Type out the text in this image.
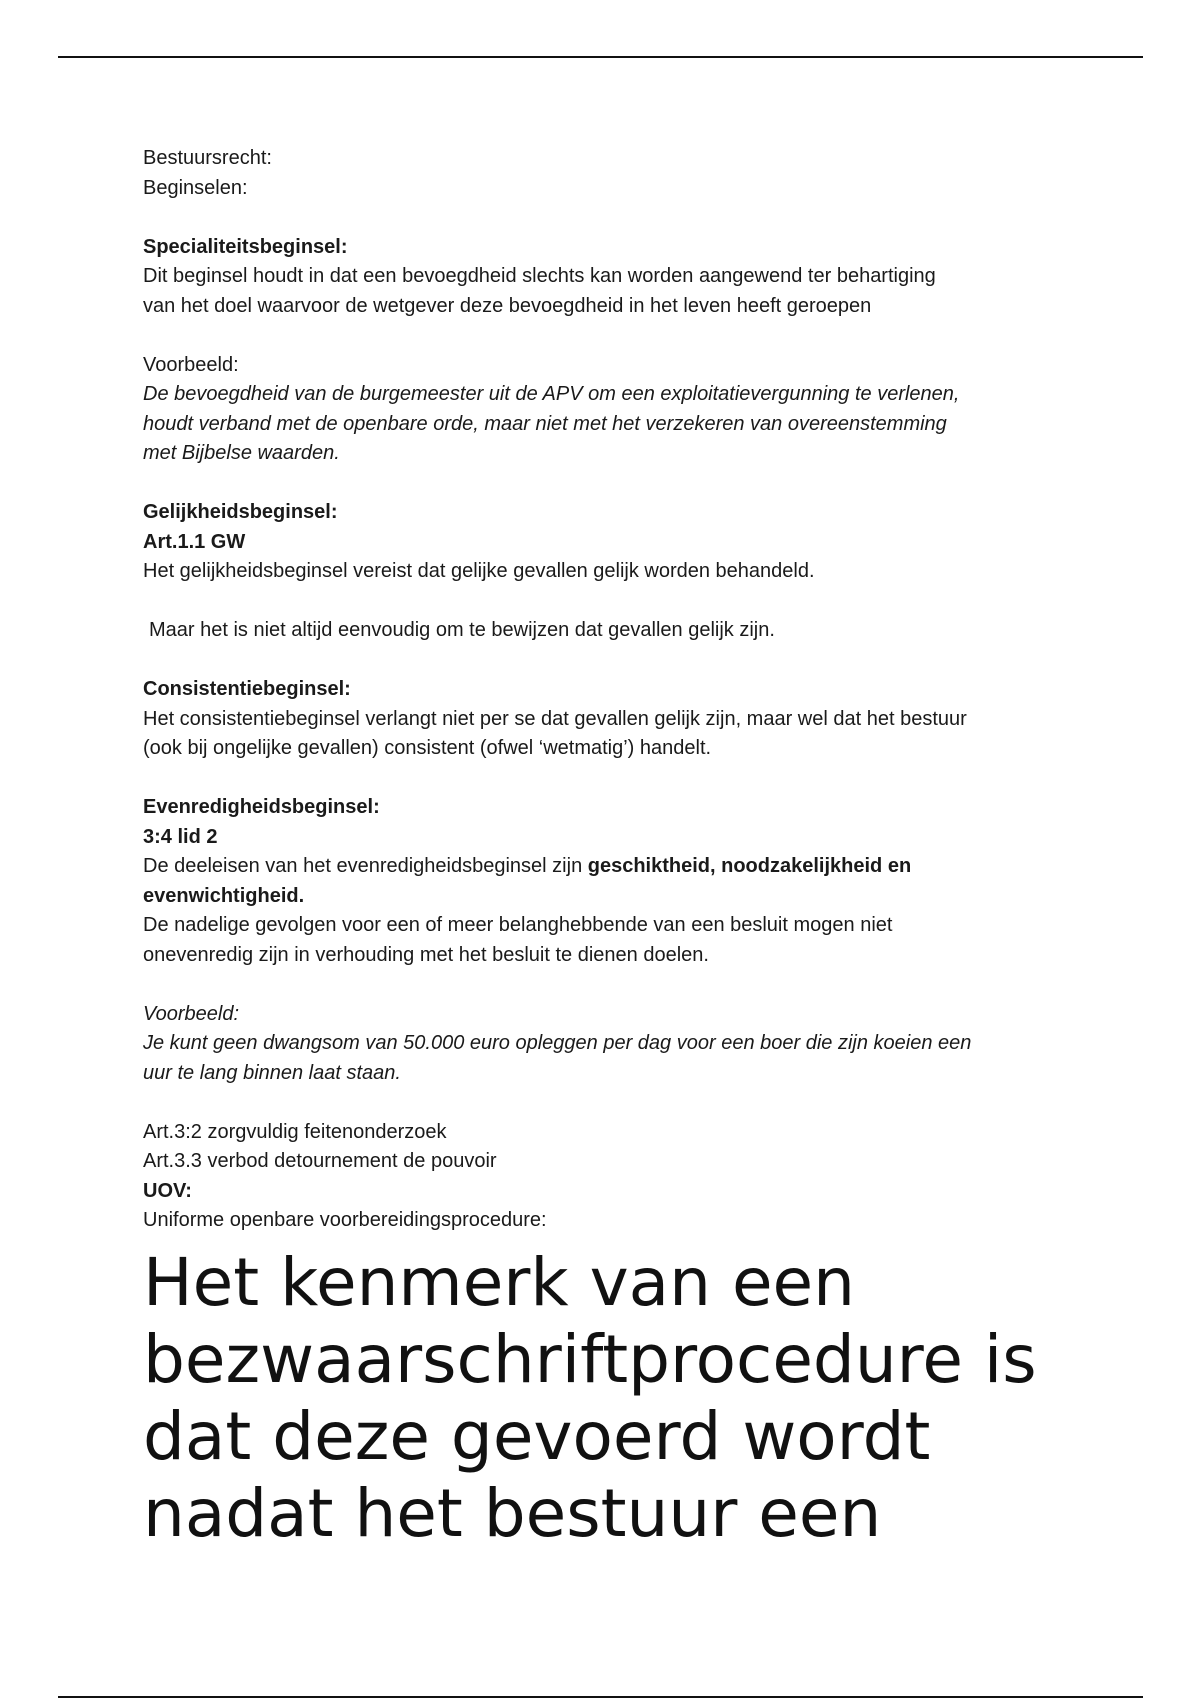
Bestuursrecht:
Beginselen:
Specialiteitsbeginsel:
Dit beginsel houdt in dat een bevoegdheid slechts kan worden aangewend ter behartiging
van het doel waarvoor de wetgever deze bevoegdheid in het leven heeft geroepen
Voorbeeld:
De bevoegdheid van de burgemeester uit de APV om een exploitatievergunning te verlenen,
houdt verband met de openbare orde, maar niet met het verzekeren van overeenstemming
met Bijbelse waarden.
Gelijkheidsbeginsel:
Art.1.1 GW
Het gelijkheidsbeginsel vereist dat gelijke gevallen gelijk worden behandeld.
Maar het is niet altijd eenvoudig om te bewijzen dat gevallen gelijk zijn.
Consistentiebeginsel:
Het consistentiebeginsel verlangt niet per se dat gevallen gelijk zijn, maar wel dat het bestuur
(ook bij ongelijke gevallen) consistent (ofwel ‘wetmatig’) handelt.
Evenredigheidsbeginsel:
3:4 lid 2
De deeleisen van het evenredigheidsbeginsel zijn geschiktheid, noodzakelijkheid en
evenwichtigheid.
De nadelige gevolgen voor een of meer belanghebbende van een besluit mogen niet
onevenredig zijn in verhouding met het besluit te dienen doelen.
Voorbeeld:
Je kunt geen dwangsom van 50.000 euro opleggen per dag voor een boer die zijn koeien een
uur te lang binnen laat staan.
Art.3:2 zorgvuldig feitenonderzoek
Art.3.3 verbod detournement de pouvoir
UOV:
Uniforme openbare voorbereidingsprocedure:
Het kenmerk van een
bezwaarschriftprocedure is
dat deze gevoerd wordt
nadat het bestuur een
